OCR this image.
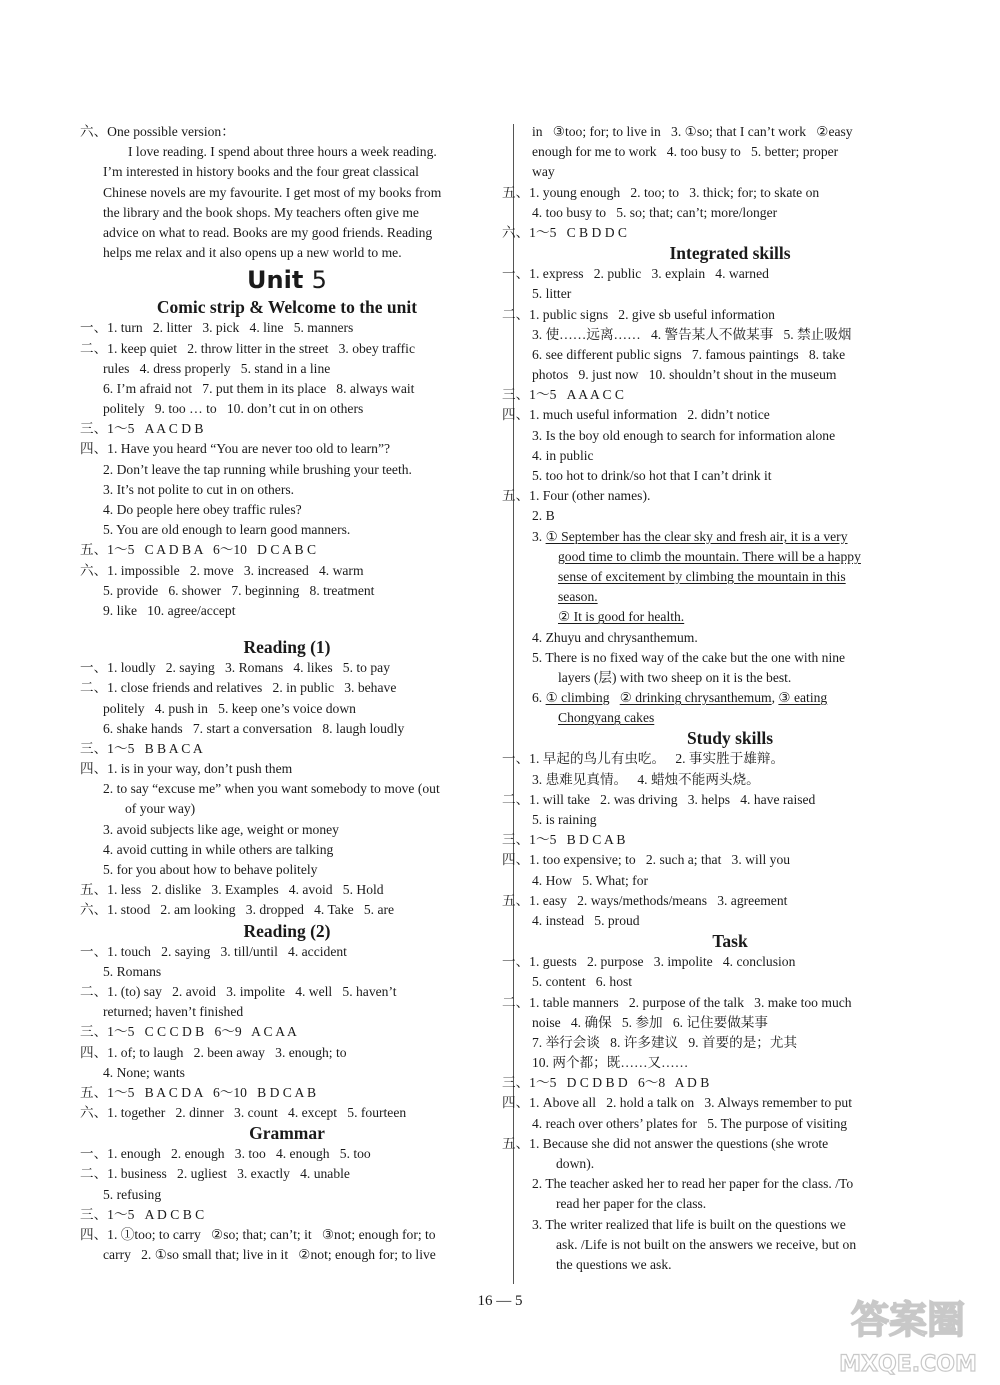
六、One possible version：
I love reading. I spend about three hours a week reading.
I’m interested in history books and the four great classical
Chinese novels are my favourite. I get most of my books from
the library and the book shops. My teachers often give me
advice on what to read. Books are my good friends. Reading
helps me relax and it also opens up a new world to me.
Unit 5
Comic strip & Welcome to the unit
一、1. turn   2. litter   3. pick   4. line   5. manners
二、1. keep quiet   2. throw litter in the street   3. obey traffic
rules   4. dress properly   5. stand in a line
6. I’m afraid not   7. put them in its place   8. always wait
politely   9. too … to   10. don’t cut in on others
三、1～5   A A C D B
四、1. Have you heard “You are never too old to learn”?
2. Don’t leave the tap running while brushing your teeth.
3. It’s not polite to cut in on others.
4. Do people here obey traffic rules?
5. You are old enough to learn good manners.
五、1～5   C A D B A   6～10   D C A B C
六、1. impossible   2. move   3. increased   4. warm
5. provide   6. shower   7. beginning   8. treatment
9. like   10. agree/accept
Reading (1)
一、1. loudly   2. saying   3. Romans   4. likes   5. to pay
二、1. close friends and relatives   2. in public   3. behave
politely   4. push in   5. keep one’s voice down
6. shake hands   7. start a conversation   8. laugh loudly
三、1～5   B B A C A
四、1. is in your way, don’t push them
2. to say “excuse me” when you want somebody to move (out
of your way)
3. avoid subjects like age, weight or money
4. avoid cutting in while others are talking
5. for you about how to behave politely
五、1. less   2. dislike   3. Examples   4. avoid   5. Hold
六、1. stood   2. am looking   3. dropped   4. Take   5. are
Reading (2)
一、1. touch   2. saying   3. till/until   4. accident
5. Romans
二、1. (to) say   2. avoid   3. impolite   4. well   5. haven’t
returned; haven’t finished
三、1～5   C C C D B   6～9   A C A A
四、1. of; to laugh   2. been away   3. enough; to
4. None; wants
五、1～5   B A C D A   6～10   B D C A B
六、1. together   2. dinner   3. count   4. except   5. fourteen
Grammar
一、1. enough   2. enough   3. too   4. enough   5. too
二、1. business   2. ugliest   3. exactly   4. unable
5. refusing
三、1～5   A D C B C
四、1. ①too; to carry   ②so; that; can’t; it   ③not; enough for; to
carry   2. ①so small that; live in it   ②not; enough for; to live
in   ③too; for; to live in   3. ①so; that I can’t work   ②easy
enough for me to work   4. too busy to   5. better; proper
way
五、1. young enough   2. too; to   3. thick; for; to skate on
4. too busy to   5. so; that; can’t; more/longer
六、1～5   C B D D C
Integrated skills
一、1. express   2. public   3. explain   4. warned
5. litter
二、1. public signs   2. give sb useful information
3. 使……远离……   4. 警告某人不做某事   5. 禁止吸烟
6. see different public signs   7. famous paintings   8. take
photos   9. just now   10. shouldn’t shout in the museum
三、1～5   A A A C C
四、1. much useful information   2. didn’t notice
3. Is the boy old enough to search for information alone
4. in public
5. too hot to drink/so hot that I can’t drink it
五、1. Four (other names).
2. B
3. ① September has the clear sky and fresh air, it is a very
good time to climb the mountain. There will be a happy
sense of excitement by climbing the mountain in this
season.
② It is good for health.
4. Zhuyu and chrysanthemum.
5. There is no fixed way of the cake but the one with nine
layers (层) with two sheep on it is the best.
6. ① climbing ② drinking chrysanthemum, ③ eating
Chongyang cakes
Study skills
一、1. 早起的鸟儿有虫吃。   2. 事实胜于雄辩。
3. 患难见真情。   4. 蜡烛不能两头烧。
二、1. will take   2. was driving   3. helps   4. have raised
5. is raining
三、1～5   B D C A B
四、1. too expensive; to   2. such a; that   3. will you
4. How   5. What; for
五、1. easy   2. ways/methods/means   3. agreement
4. instead   5. proud
Task
一、1. guests   2. purpose   3. impolite   4. conclusion
5. content   6. host
二、1. table manners   2. purpose of the talk   3. make too much
noise   4. 确保   5. 参加   6. 记住要做某事
7. 举行会谈   8. 许多建议   9. 首要的是；尤其
10. 两个都；既……又……
三、1～5   D C D B D   6～8   A D B
四、1. Above all   2. hold a talk on   3. Always remember to put
4. reach over others’ plates for   5. The purpose of visiting
五、1. Because she did not answer the questions (she wrote
down).
2. The teacher asked her to read her paper for the class. /To
read her paper for the class.
3. The writer realized that life is built on the questions we
ask. /Life is not built on the answers we receive, but on
the questions we ask.
16 — 5	答案圈
MXQE.COM
